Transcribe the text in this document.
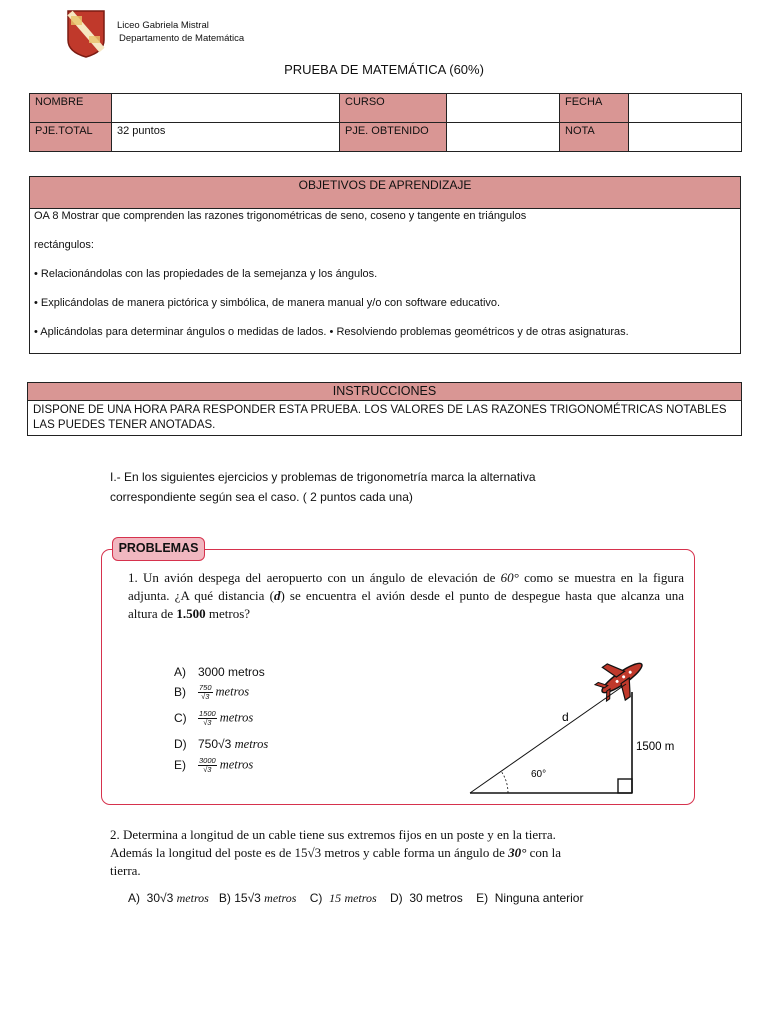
Liceo Gabriela Mistral
Departamento de Matemática
PRUEBA DE MATEMÁTICA (60%)
NOMBRE		CURSO		FECHA	
PJE.TOTAL	32 puntos	PJE. OBTENIDO		NOTA	
OBJETIVOS DE APRENDIZAJE

OA 8 Mostrar que comprenden las razones trigonométricas de seno, coseno y tangente en triángulos

rectángulos:

• Relacionándolas con las propiedades de la semejanza y los ángulos.

• Explicándolas de manera pictórica y simbólica, de manera manual y/o con software educativo.

• Aplicándolas para determinar ángulos o medidas de lados. • Resolviendo problemas geométricos y de otras asignaturas.

INSTRUCCIONES
DISPONE DE UNA HORA PARA RESPONDER ESTA PRUEBA. LOS VALORES DE LAS RAZONES TRIGONOMÉTRICAS NOTABLES LAS PUEDES TENER ANOTADAS.
I.- En los siguientes ejercicios y problemas de trigonometría marca la alternativa
correspondiente según sea el caso. ( 2 puntos cada una)
PROBLEMAS
1. Un avión despega del aeropuerto con un ángulo de elevación de 60° como se muestra en la figura adjunta. ¿A qué distancia (d) se encuentra el avión desde el punto de despegue hasta que alcanza una altura de 1.500 metros?
A) 3000 metros
$B) \frac{750}{√3}$ metros
$C) \frac{1500}{√3}$ metros
D) 750√3 metros
$E) \frac{3000}{√3}$ metros
d
1500 m
60°
2. Determina a longitud de un cable tiene sus extremos fijos en un poste y en la tierra.
Además la longitud del poste es de 15√3 metros y cable forma un ángulo de 30° con la
tierra.
A) 30√3 metros B) 15√3 metros C) 15 metros D) 30 metros E) Ninguna anterior
